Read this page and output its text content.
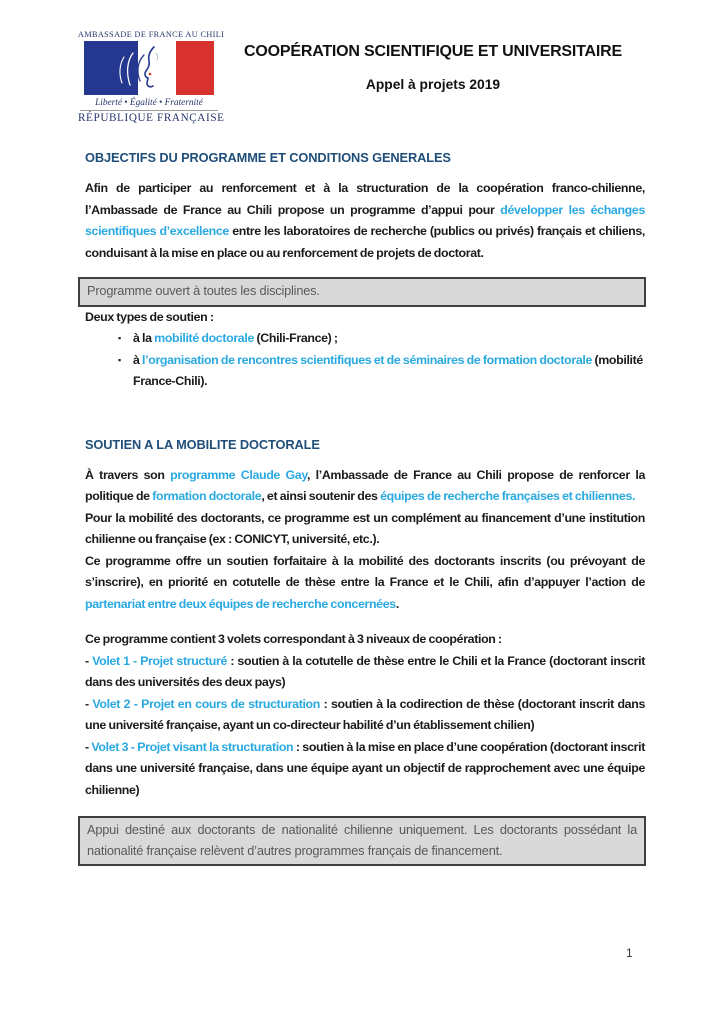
AMBASSADE DE FRANCE AU CHILI
Liberté • Égalité • Fraternité
RÉPUBLIQUE FRANÇAISE
COOPÉRATION SCIENTIFIQUE ET UNIVERSITAIRE
Appel à projets 2019
OBJECTIFS DU PROGRAMME ET CONDITIONS GENERALES

Afin de participer au renforcement et à la structuration de la coopération franco-chilienne, l’Ambassade de France au Chili propose un programme d’appui pour développer les échanges scientifiques d’excellence entre les laboratoires de recherche (publics ou privés) français et chiliens, conduisant à la mise en place ou au renforcement de projets de doctorat.

Programme ouvert à toutes les disciplines.

Deux types de soutien :

▪ à la mobilité doctorale (Chili-France) ;
▪ à l’organisation de rencontres scientifiques et de séminaires de formation doctorale (mobilité France-Chili).
SOUTIEN A LA MOBILITE DOCTORALE

À travers son programme Claude Gay, l’Ambassade de France au Chili propose de renforcer la politique de formation doctorale, et ainsi soutenir des équipes de recherche françaises et chiliennes.

Pour la mobilité des doctorants, ce programme est un complément au financement d’une institution chilienne ou française (ex : CONICYT, université, etc.).

Ce programme offre un soutien forfaitaire à la mobilité des doctorants inscrits (ou prévoyant de s’inscrire), en priorité en cotutelle de thèse entre la France et le Chili, afin d’appuyer l’action de partenariat entre deux équipes de recherche concernées.

Ce programme contient 3 volets correspondant à 3 niveaux de coopération :

- Volet 1 - Projet structuré : soutien à la cotutelle de thèse entre le Chili et la France (doctorant inscrit dans des universités des deux pays)

- Volet 2 - Projet en cours de structuration : soutien à la codirection de thèse (doctorant inscrit dans une université française, ayant un co-directeur habilité d’un établissement chilien)

- Volet 3 - Projet visant la structuration : soutien à la mise en place d’une coopération (doctorant inscrit dans une université française, dans une équipe ayant un objectif de rapprochement avec une équipe chilienne)

Appui destiné aux doctorants de nationalité chilienne uniquement. Les doctorants possédant la nationalité française relèvent d’autres programmes français de financement.
1
